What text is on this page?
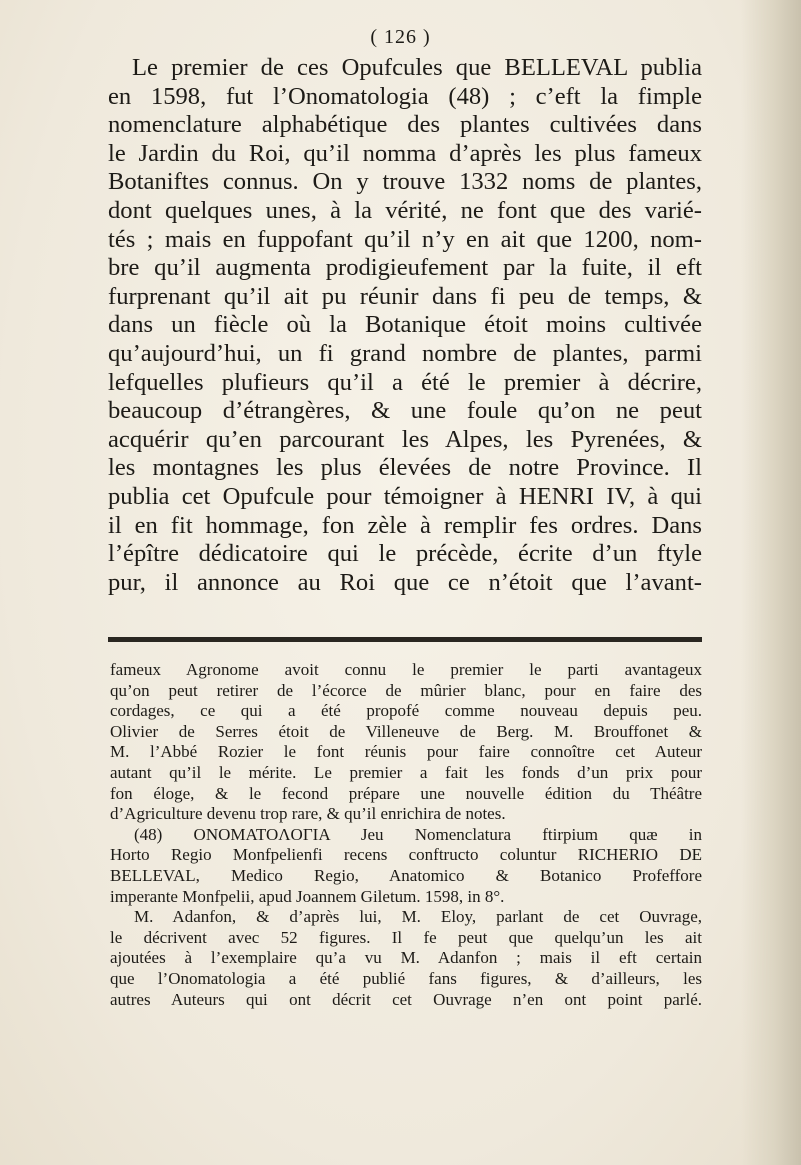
( 126 )
Le premier de ces Opufcules que BELLEVAL publia
en 1598, fut l’Onomatologia (48) ; c’eft la fimple
nomenclature alphabétique des plantes cultivées dans
le Jardin du Roi, qu’il nomma d’après les plus fameux
Botaniftes connus. On y trouve 1332 noms de plantes,
dont quelques unes, à la vérité, ne font que des varié-
tés ; mais en fuppofant qu’il n’y en ait que 1200, nom-
bre qu’il augmenta prodigieufement par la fuite, il eft
furprenant qu’il ait pu réunir dans fi peu de temps, &
dans un fiècle où la Botanique étoit moins cultivée
qu’aujourd’hui, un fi grand nombre de plantes, parmi
lefquelles plufieurs qu’il a été le premier à décrire,
beaucoup d’étrangères, & une foule qu’on ne peut
acquérir qu’en parcourant les Alpes, les Pyrenées, &
les montagnes les plus élevées de notre Province. Il
publia cet Opufcule pour témoigner à HENRI IV, à qui
il en fit hommage, fon zèle à remplir fes ordres. Dans
l’épître dédicatoire qui le précède, écrite d’un ftyle
pur, il annonce au Roi que ce n’étoit que l’avant-
fameux Agronome avoit connu le premier le parti avantageux
qu’on peut retirer de l’écorce de mûrier blanc, pour en faire des
cordages, ce qui a été propofé comme nouveau depuis peu.
Olivier de Serres étoit de Villeneuve de Berg. M. Brouffonet &
M. l’Abbé Rozier le font réunis pour faire connoître cet Auteur
autant qu’il le mérite. Le premier a fait les fonds d’un prix pour
fon éloge, & le fecond prépare une nouvelle édition du Théâtre
d’Agriculture devenu trop rare, & qu’il enrichira de notes.
(48) ONOMATOΛOΓIA Jeu Nomenclatura ftirpium quæ in
Horto Regio Monfpelienfi recens conftructo coluntur RICHERIO DE
BELLEVAL, Medico Regio, Anatomico & Botanico Profeffore
imperante Monfpelii, apud Joannem Giletum. 1598, in 8°.
M. Adanfon, & d’après lui, M. Eloy, parlant de cet Ouvrage,
le décrivent avec 52 figures. Il fe peut que quelqu’un les ait
ajoutées à l’exemplaire qu’a vu M. Adanfon ; mais il eft certain
que l’Onomatologia a été publié fans figures, & d’ailleurs, les
autres Auteurs qui ont décrit cet Ouvrage n’en ont point parlé.
